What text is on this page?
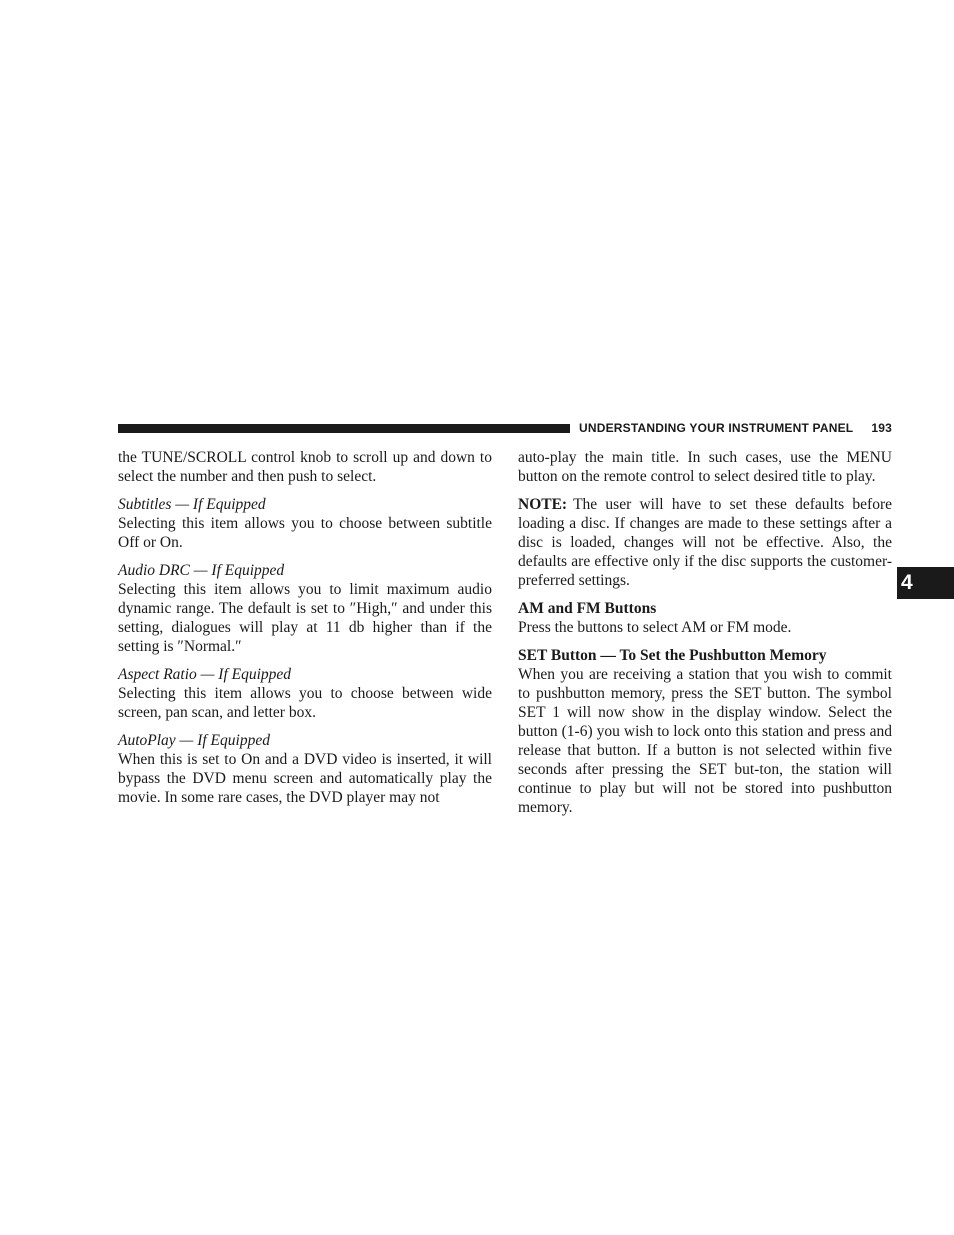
UNDERSTANDING YOUR INSTRUMENT PANEL 193
4

the TUNE/SCROLL control knob to scroll up and down to select the number and then push to select.

Subtitles — If Equipped

Selecting this item allows you to choose between subtitle Off or On.

Audio DRC — If Equipped

Selecting this item allows you to limit maximum audio dynamic range. The default is set to ″High,″ and under this setting, dialogues will play at 11 db higher than if the setting is ″Normal.″

Aspect Ratio — If Equipped

Selecting this item allows you to choose between wide screen, pan scan, and letter box.

AutoPlay — If Equipped

When this is set to On and a DVD video is inserted, it will bypass the DVD menu screen and automatically play the movie. In some rare cases, the DVD player may not

auto-play the main title. In such cases, use the MENU button on the remote control to select desired title to play.

NOTE: The user will have to set these defaults before loading a disc. If changes are made to these settings after a disc is loaded, changes will not be effective. Also, the defaults are effective only if the disc supports the customer-preferred settings.

AM and FM Buttons

Press the buttons to select AM or FM mode.

SET Button — To Set the Pushbutton Memory

When you are receiving a station that you wish to commit to pushbutton memory, press the SET button. The symbol SET 1 will now show in the display window. Select the button (1-6) you wish to lock onto this station and press and release that button. If a button is not selected within five seconds after pressing the SET but-ton, the station will continue to play but will not be stored into pushbutton memory.
